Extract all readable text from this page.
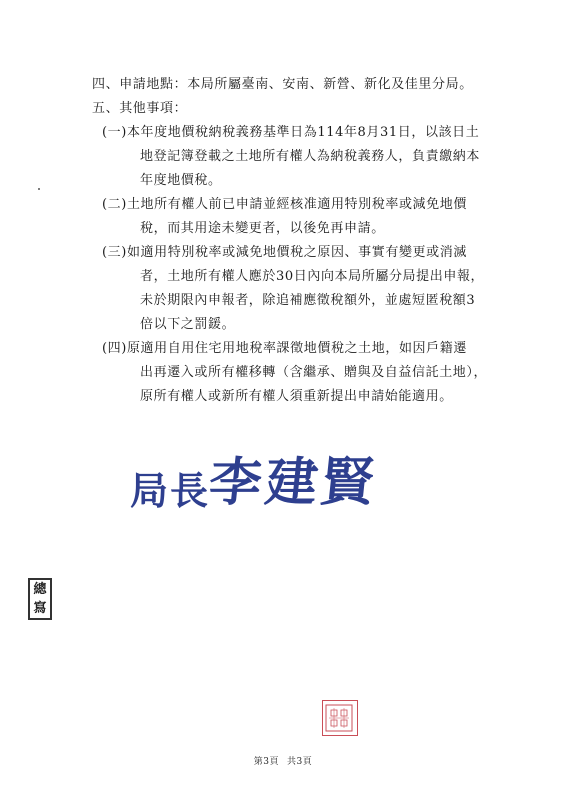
四、申請地點：本局所屬臺南、安南、新營、新化及佳里分局。
五、其他事項：
(一)本年度地價稅納稅義務基準日為114年8月31日，以該日土
地登記簿登載之土地所有權人為納稅義務人，負責繳納本
年度地價稅。
(二)土地所有權人前已申請並經核准適用特別稅率或減免地價
稅，而其用途未變更者，以後免再申請。
(三)如適用特別稅率或減免地價稅之原因、事實有變更或消滅
者，土地所有權人應於30日內向本局所屬分局提出申報，
未於期限內申報者，除追補應徵稅額外，並處短匿稅額3
倍以下之罰鍰。
(四)原適用自用住宅用地稅率課徵地價稅之土地，如因戶籍遷
出再遷入或所有權移轉（含繼承、贈與及自益信託土地），
原所有權人或新所有權人須重新提出申請始能適用。
局長李建賢
總
寫
第3頁 共3頁
